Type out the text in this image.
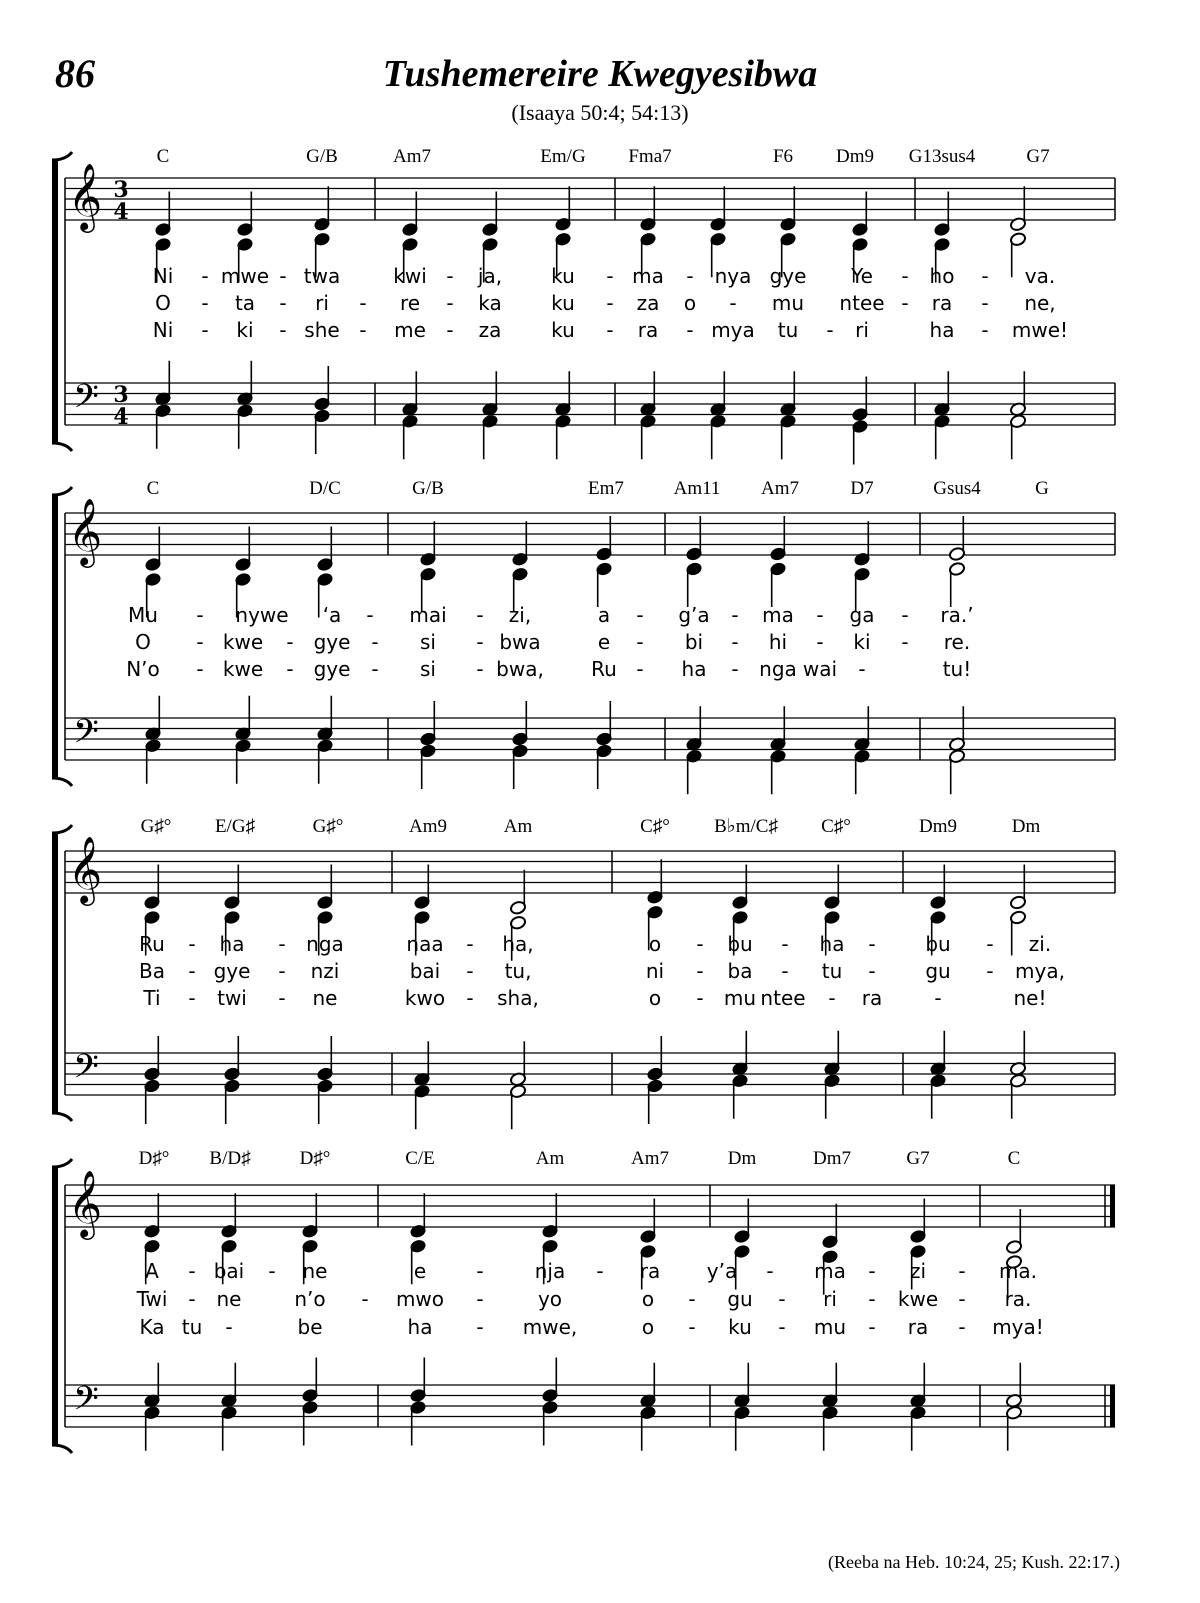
86	Tushemereire Kwegyesibwa
(Isaaya 50:4; 54:13)
𝄞
𝄢
3
4
3
4
C	G/B	Am7	Em/G Fma7	F6 Dm9 G13sus4	G7
Ni - mwe - twa	kwi - ja, ku - ma - nya gye Ye - ho - va.
O - ta - ri - re - ka ku - za o - mu ntee - ra - ne,
Ni - ki - she - me - za ku - ra - mya tu - ri	ha - mwe!
𝄞
𝄢
C	D/C	G/B	Em7	Am11 Am7	D7	Gsus4	G
Mu - nywe ‘a - mai - zi,	a - g’a - ma - ga - ra.’
O - kwe - gye - si - bwa	e - bi - hi - ki - re.
N’o - kwe - gye - si - bwa, Ru - ha - nga wai -	tu!
𝄞
𝄢
G♯° E/G♯	G♯°	Am9	Am	C♯° B♭m/C♯ C♯°	Dm9	Dm
Ru - ha - nga	naa - ha,	o - bu - ha - bu - zi.
Ba - gye - nzi	bai - tu,	ni - ba - tu - gu - mya,
Ti - twi - ne	kwo - sha,	o - mu ntee - ra	-	ne!
𝄞
𝄢
D♯° B/D♯	D♯°	C/E	Am	Am7	Dm	Dm7	G7	C
A - bai - ne	e	-	nja - ra y’a - ma - zi - ma.
Twi - ne	n’o - mwo -	yo	o - gu - ri - kwe - ra.
Ka tu -	be	ha - mwe,	o - ku - mu - ra - mya!
(Reeba na Heb. 10:24, 25; Kush. 22:17.)
